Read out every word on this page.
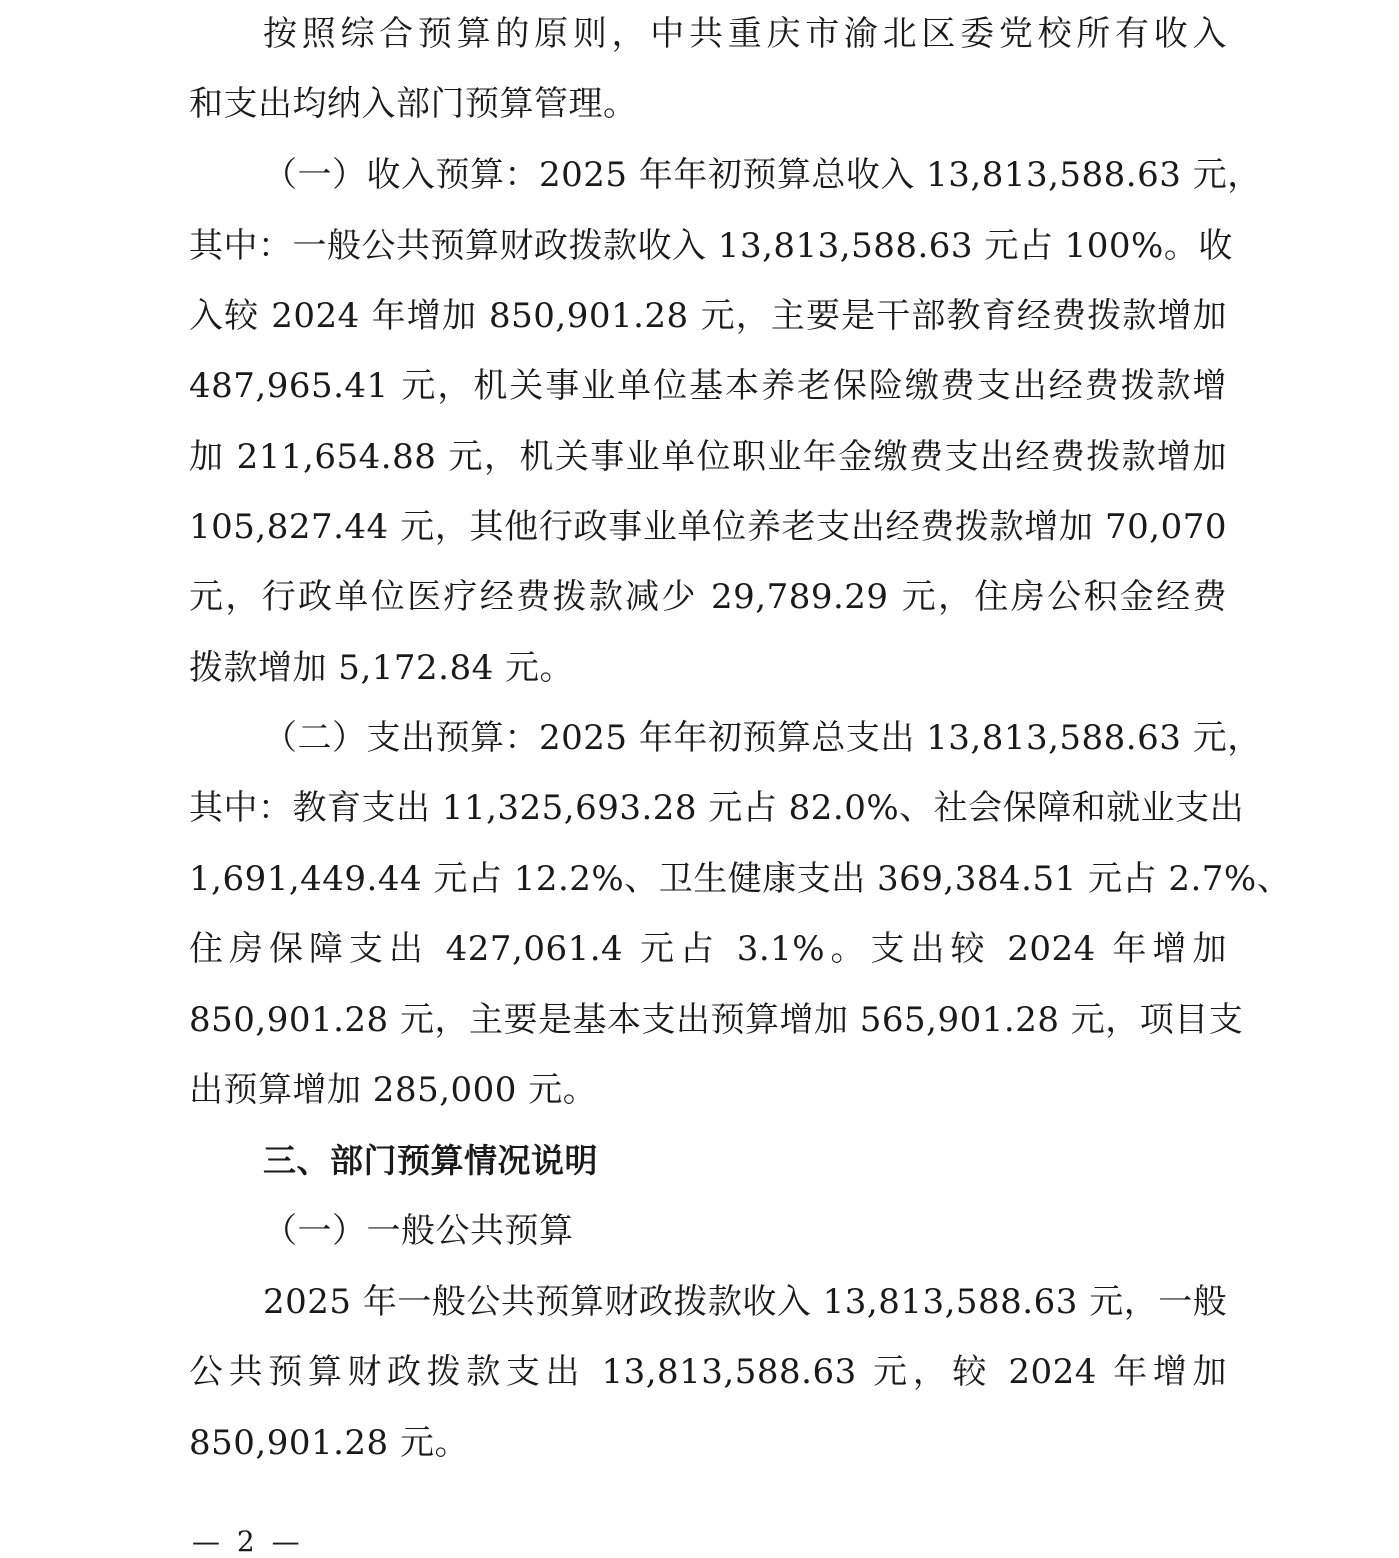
按照综合预算的原则，中共重庆市渝北区委党校所有收入
和支出均纳入部门预算管理。
（一）收入预算：2025 年年初预算总收入 13,813,588.63 元，
其中：一般公共预算财政拨款收入 13,813,588.63 元占 100%。收
入较 2024 年增加 850,901.28 元，主要是干部教育经费拨款增加
487,965.41 元，机关事业单位基本养老保险缴费支出经费拨款增
加 211,654.88 元，机关事业单位职业年金缴费支出经费拨款增加
105,827.44 元，其他行政事业单位养老支出经费拨款增加 70,070
元，行政单位医疗经费拨款减少 29,789.29 元，住房公积金经费
拨款增加 5,172.84 元。
（二）支出预算：2025 年年初预算总支出 13,813,588.63 元，
其中：教育支出 11,325,693.28 元占 82.0%、社会保障和就业支出
1,691,449.44 元占 12.2%、卫生健康支出 369,384.51 元占 2.7%、
住房保障支出 427,061.4 元占 3.1%。支出较 2024 年增加
850,901.28 元，主要是基本支出预算增加 565,901.28 元，项目支
出预算增加 285,000 元。
三、部门预算情况说明
（一）一般公共预算
2025 年一般公共预算财政拨款收入 13,813,588.63 元，一般
公共预算财政拨款支出 13,813,588.63 元，较 2024 年增加
850,901.28 元。
— 2 —
